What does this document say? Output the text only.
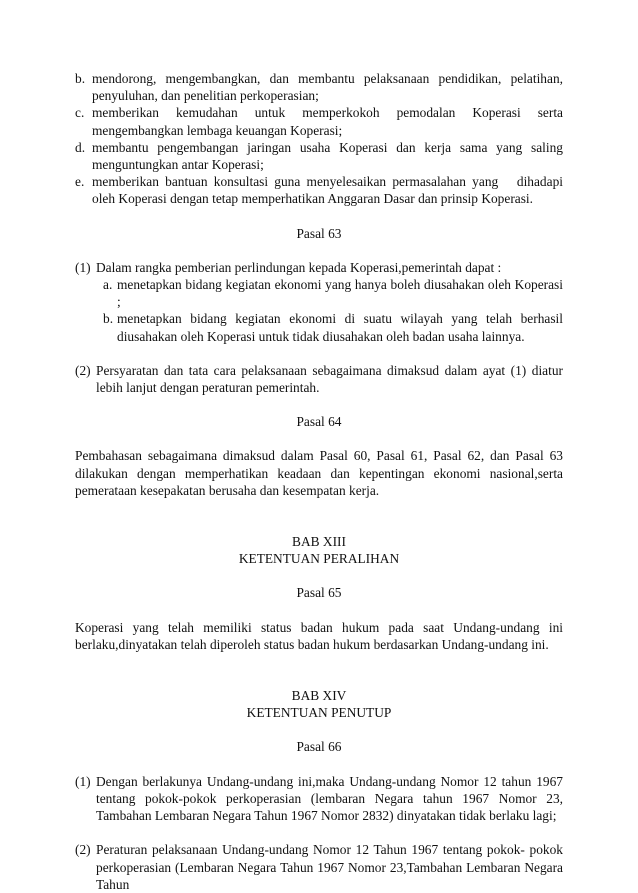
b. mendorong, mengembangkan, dan membantu pelaksanaan pendidikan, pelatihan, penyuluhan, dan penelitian perkoperasian;
c. memberikan kemudahan untuk memperkokoh pemodalan Koperasi serta mengembangkan lembaga keuangan Koperasi;
d. membantu pengembangan jaringan usaha Koperasi dan kerja sama yang saling menguntungkan antar Koperasi;
e. memberikan bantuan konsultasi guna menyelesaikan permasalahan yang   dihadapi oleh Koperasi dengan tetap memperhatikan Anggaran Dasar dan prinsip Koperasi.
Pasal 63
(1) Dalam rangka pemberian perlindungan kepada Koperasi,pemerintah dapat :
a. menetapkan bidang kegiatan ekonomi yang hanya boleh diusahakan oleh Koperasi ;
b. menetapkan bidang kegiatan ekonomi di suatu wilayah yang telah berhasil diusahakan oleh Koperasi untuk tidak diusahakan oleh badan usaha lainnya.
(2) Persyaratan dan tata cara pelaksanaan sebagaimana dimaksud dalam ayat (1) diatur lebih lanjut dengan peraturan pemerintah.
Pasal 64
Pembahasan sebagaimana dimaksud dalam Pasal 60, Pasal 61, Pasal 62, dan Pasal 63 dilakukan dengan memperhatikan keadaan dan kepentingan ekonomi nasional,serta pemerataan kesepakatan berusaha dan kesempatan kerja.
BAB XIII
KETENTUAN PERALIHAN
Pasal 65
Koperasi yang telah memiliki status badan hukum pada saat Undang-undang ini berlaku,dinyatakan telah diperoleh status badan hukum berdasarkan Undang-undang ini.
BAB XIV
KETENTUAN PENUTUP
Pasal 66
(1) Dengan berlakunya Undang-undang ini,maka Undang-undang Nomor 12 tahun 1967 tentang pokok-pokok perkoperasian (lembaran Negara tahun 1967 Nomor 23, Tambahan Lembaran Negara Tahun 1967 Nomor 2832) dinyatakan tidak berlaku lagi;
(2) Peraturan pelaksanaan Undang-undang Nomor 12 Tahun 1967 tentang pokok- pokok perkoperasian (Lembaran Negara Tahun 1967 Nomor 23,Tambahan Lembaran Negara Tahun
